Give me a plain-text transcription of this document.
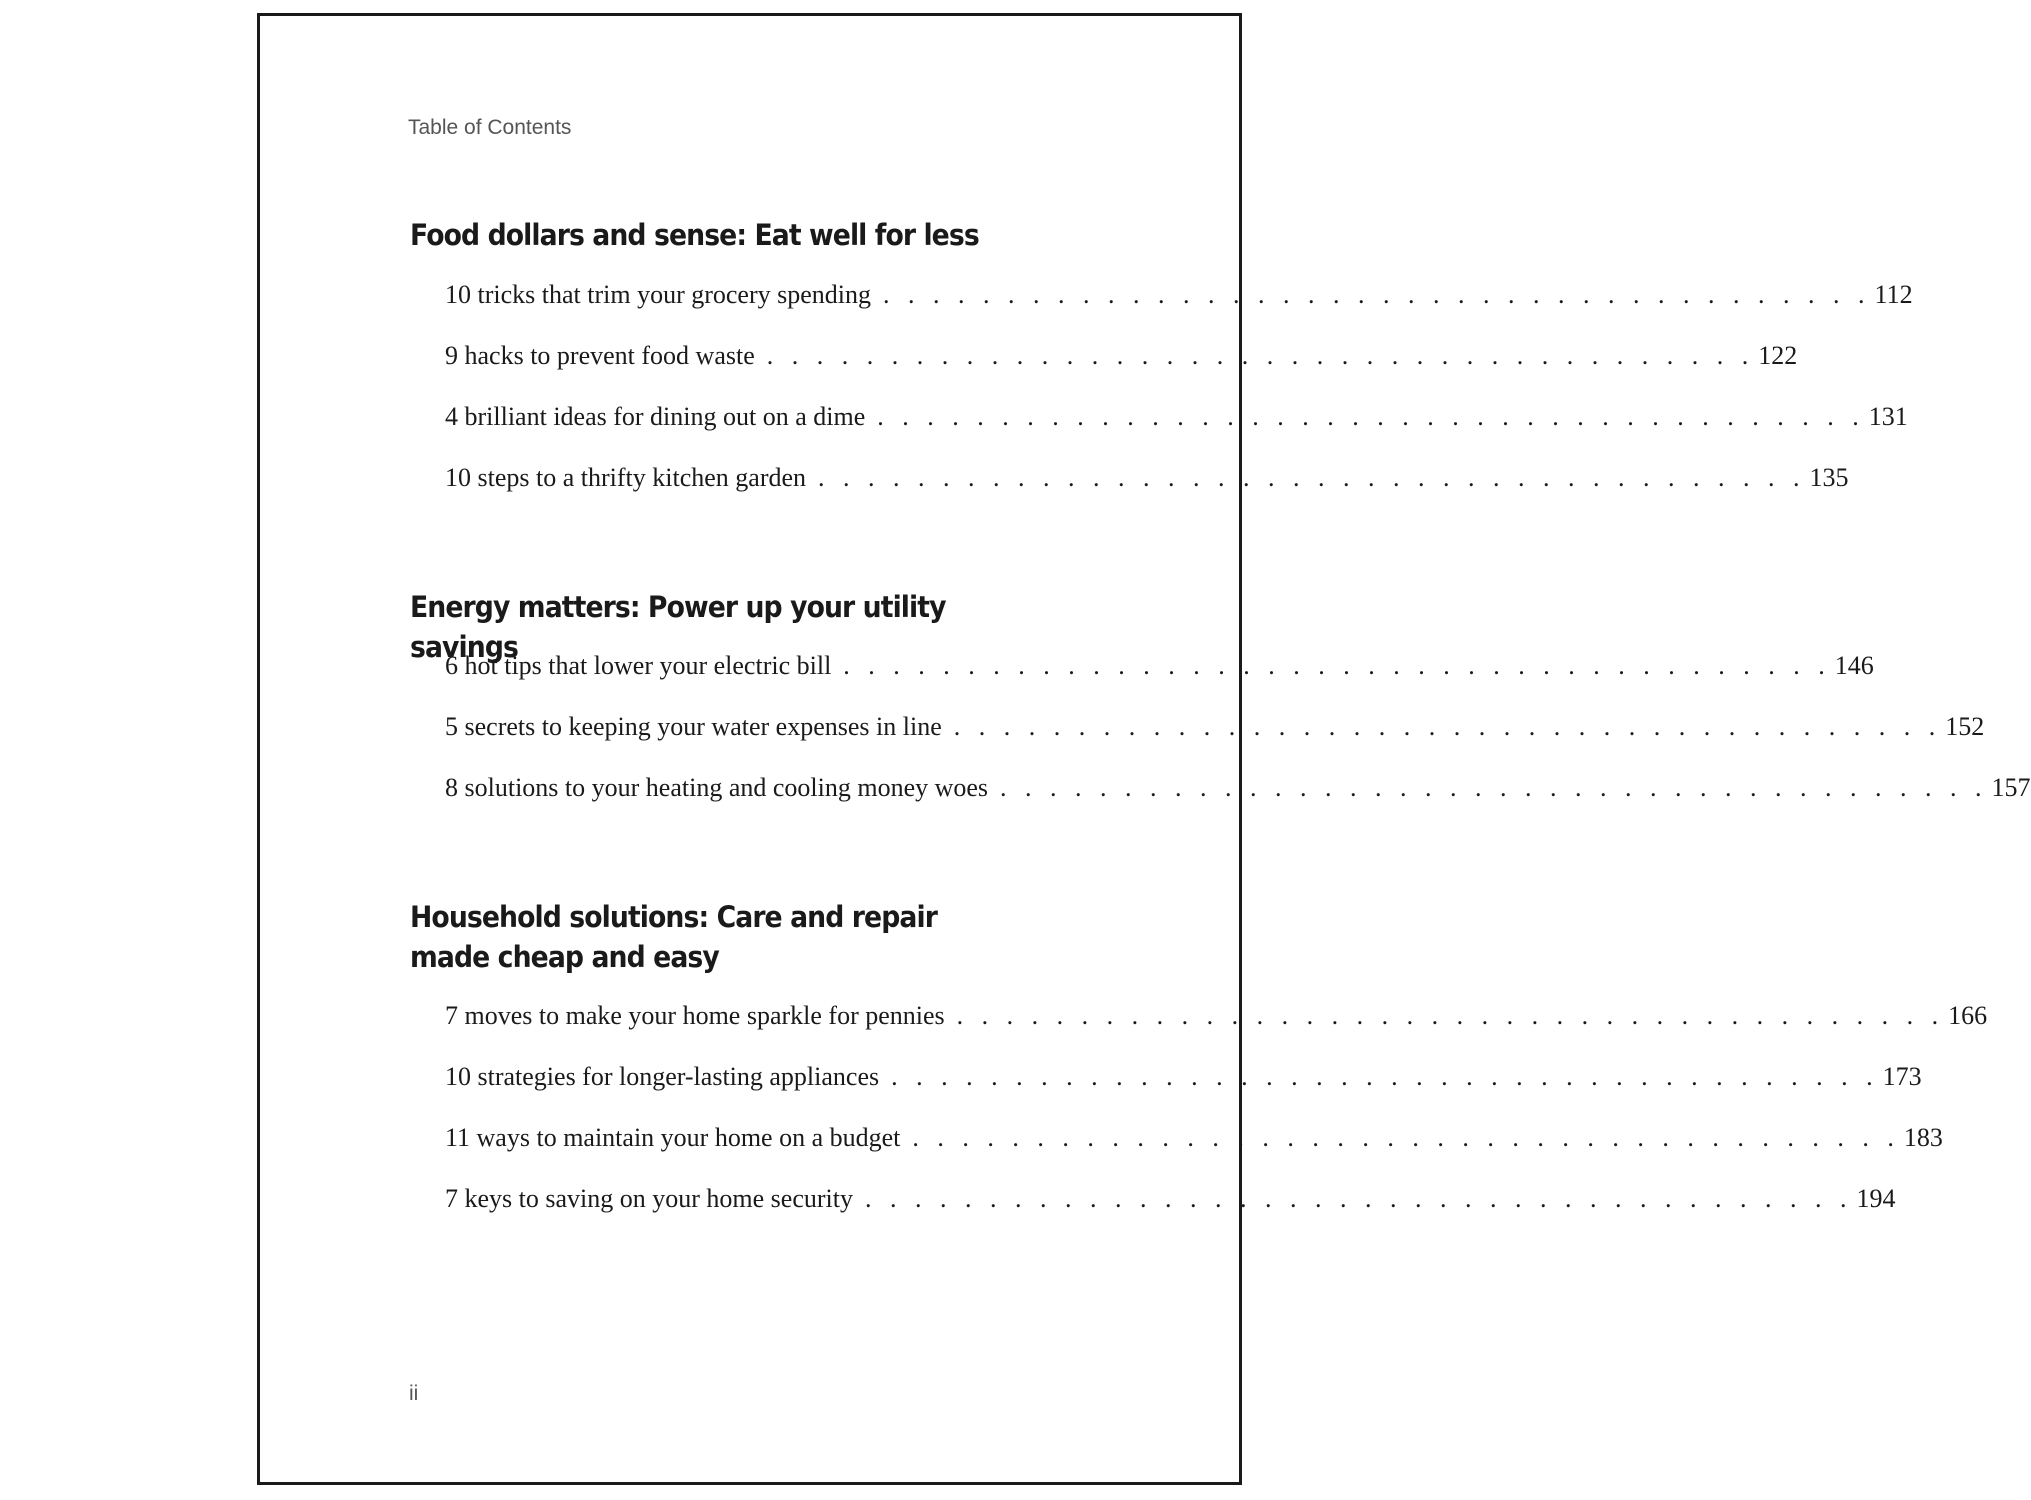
Table of Contents
Food dollars and sense: Eat well for less
10 tricks that trim your grocery spending . . . . . . . . . . . . . . . . . . . . . . . . . . . . . . . . . . . . . . . . 112
9 hacks to prevent food waste . . . . . . . . . . . . . . . . . . . . . . . . . . . . . . . . . . . . . . . . 122
4 brilliant ideas for dining out on a dime . . . . . . . . . . . . . . . . . . . . . . . . . . . . . . . . . . . . . . . . 131
10 steps to a thrifty kitchen garden . . . . . . . . . . . . . . . . . . . . . . . . . . . . . . . . . . . . . . . . 135
Energy matters: Power up your utility savings
6 hot tips that lower your electric bill . . . . . . . . . . . . . . . . . . . . . . . . . . . . . . . . . . . . . . . . 146
5 secrets to keeping your water expenses in line . . . . . . . . . . . . . . . . . . . . . . . . . . . . . . . . . . . . . . . . 152
8 solutions to your heating and cooling money woes . . . . . . . . . . . . . . . . . . . . . . . . . . . . . . . . . . . . . . . . 157
Household solutions: Care and repair made cheap and easy
7 moves to make your home sparkle for pennies . . . . . . . . . . . . . . . . . . . . . . . . . . . . . . . . . . . . . . . . 166
10 strategies for longer-lasting appliances . . . . . . . . . . . . . . . . . . . . . . . . . . . . . . . . . . . . . . . . 173
11 ways to maintain your home on a budget . . . . . . . . . . . . . . . . . . . . . . . . . . . . . . . . . . . . . . . . 183
7 keys to saving on your home security . . . . . . . . . . . . . . . . . . . . . . . . . . . . . . . . . . . . . . . . 194
ii
